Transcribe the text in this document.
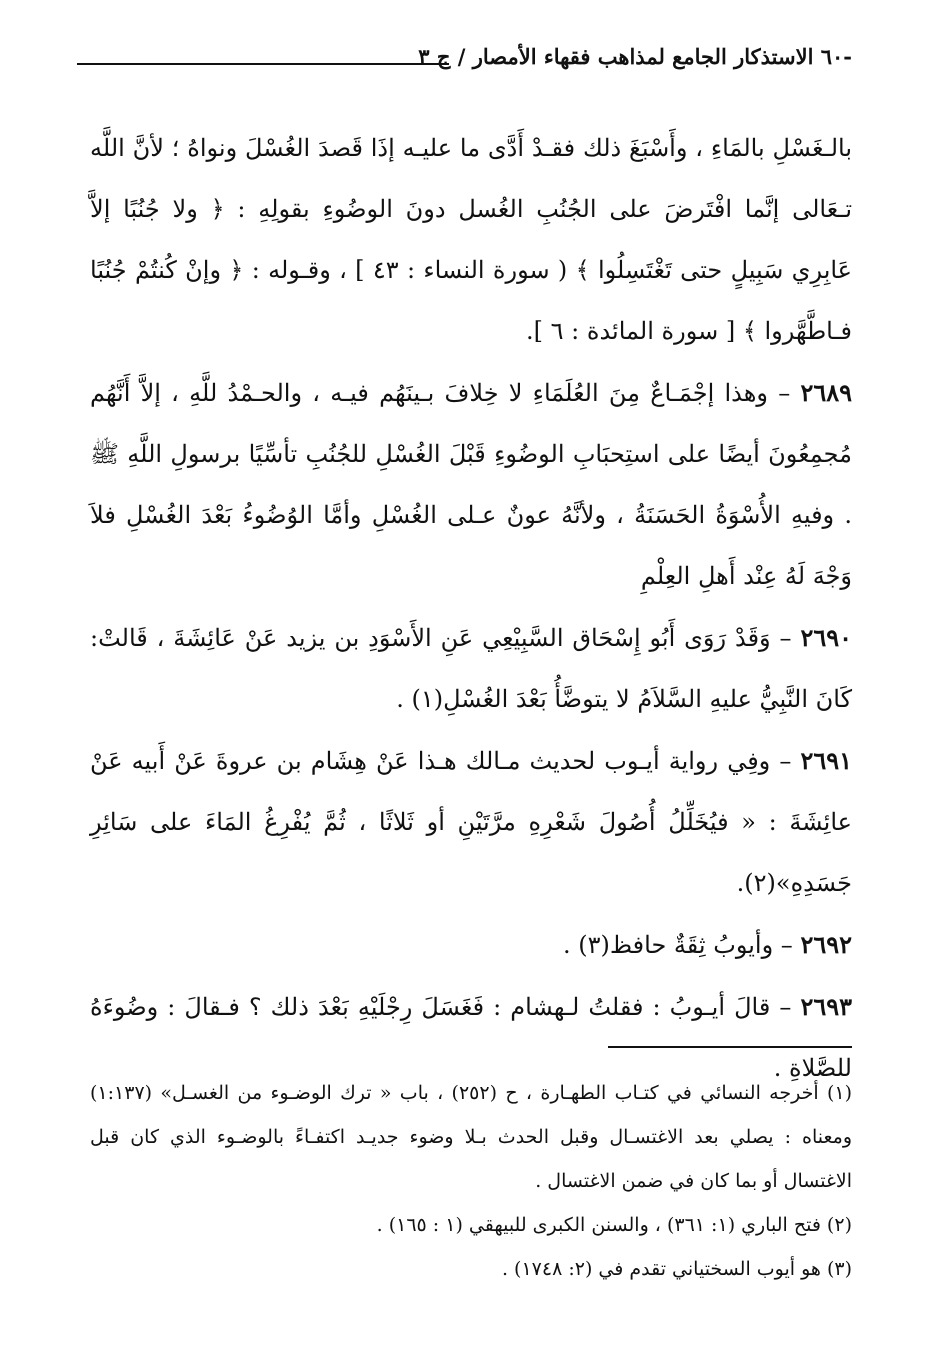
-٦٠ الاستذكار الجامع لمذاهب فقهاء الأمصار / ج ٣

بالـغَسْلِ بالمَاءِ ، وأَسْبَغَ ذلك فقـدْ أَدَّى ما عليـه إذَا قَصدَ الغُسْلَ ونواهُ ؛ لأنَّ اللَّه تـعَالى إنَّما افْتَرضَ على الجُنُبِ الغُسل دونَ الوضُوءِ بقولِهِ : ﴿ ولا جُنُبًا إلاَّ عَابِرِي سَبِيلٍ حتى تَغْتَسِلُوا ﴾ ( سورة النساء : ٤٣ ] ، وقـوله : ﴿ وإنْ كُنتُمْ جُنُبًا فـاطَّهَّروا ﴾ [ سورة المائدة : ٦ ].

٢٦٨٩ – وهذا إجْمَـاعٌ مِنَ العُلَمَاءِ لا خِلافَ بـينَهُم فيـه ، والحـمْدُ للَّهِ ، إلاَّ أَنَّهُم مُجمِعُونَ أيضًا على استِحبَابِ الوضُوءِ قَبْلَ الغُسْلِ للجُنُبِ تأسِّيًا برسولِ اللَّهِ ﷺ . وفيهِ الأُسْوَةُ الحَسَنَةُ ، ولأنَّهُ عونٌ عـلى الغُسْلِ وأمَّا الوُضُوءُ بَعْدَ الغُسْلِ فلاَ وَجْهَ لَهُ عِنْد أَهلِ العِلْمِ

٢٦٩٠ – وَقَدْ رَوَى أَبُو إِسْحَاق السَّبِيْعِي عَنِ الأَسْوَدِ بن يزيد عَنْ عَائِشَةَ ، قَالتْ: كَانَ النَّبِيُّ عليهِ السَّلاَمُ لا يتوضَّأُ بَعْدَ الغُسْلِ(١) .

٢٦٩١ – وفِي رواية أيـوب لحديث مـالك هـذا عَنْ هِشَام بن عروةَ عَنْ أَبيه عَنْ عائِشَةَ : « فيُخَلِّلُ أُصُولَ شَعْرِهِ مرَّتَيْنِ أو ثَلاثًا ، ثُمَّ يُفْرِغُ المَاءَ على سَائِرِ جَسَدِهِ»(٢).

٢٦٩٢ – وأيوبُ ثِقَةٌ حافظ(٣) .

٢٦٩٣ – قالَ أيـوبُ : فقلتُ لـهشام : فَغَسَلَ رِجْلَيْهِ بَعْدَ ذلك ؟ فـقالَ : وضُوءَهُ للصَّلاةِ .

(١) أخرجه النسائي في كتـاب الطهـارة ، ح (٢٥٢) ، باب « ترك الوضـوء من الغسـل» (١:١٣٧) ومعناه : يصلي بعد الاغتسـال وقبل الحدث بـلا وضوء جديـد اكتفـاءً بالوضـوء الذي كان قبل الاغتسال أو بما كان في ضمن الاغتسال .

(٢) فتح الباري (١: ٣٦١) ، والسنن الكبرى للبيهقي (١ : ١٦٥) .

(٣) هو أيوب السختياني تقدم في (٢: ١٧٤٨) .
